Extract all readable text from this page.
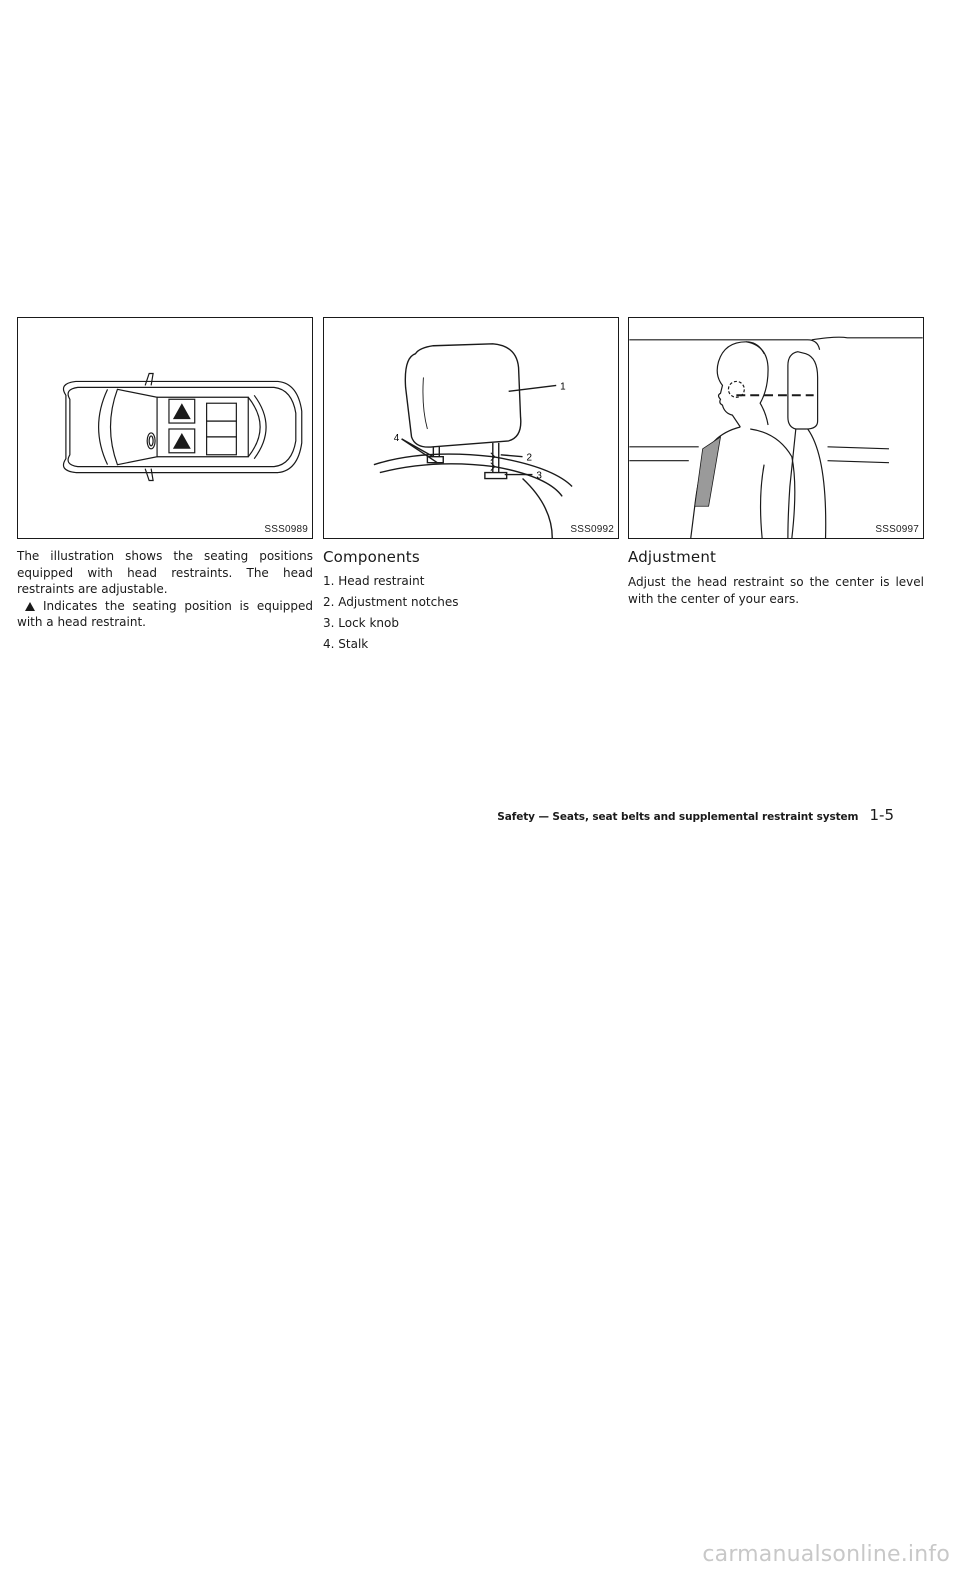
SSS0989
1
2
3
4
SSS0992	SSS0997

The illustration shows the seating positions equipped with head restraints. The head restraints are adjustable.

Indicates the seating position is equipped with a head restraint.

Components
1. Head restraint
2. Adjustment notches
3. Lock knob
4. Stalk
Adjustment

Adjust the head restraint so the center is level with the center of your ears.

Safety — Seats, seat belts and supplemental restraint system 1-5
carmanualsonline.info
